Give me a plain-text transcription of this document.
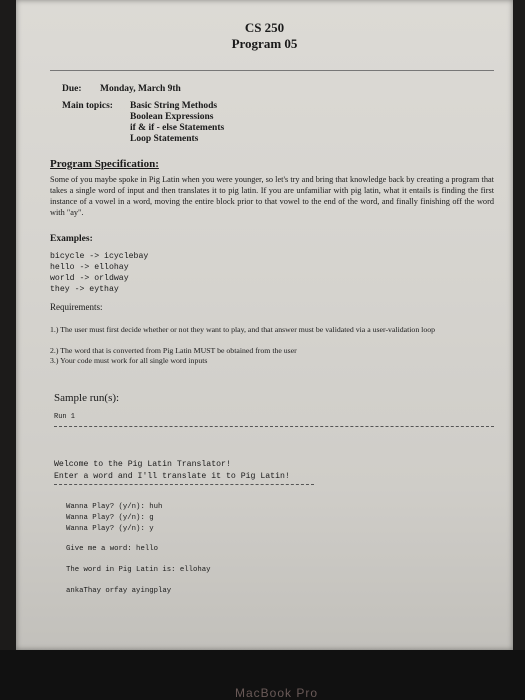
CS 250
Program 05
Due: Monday, March 9th
Main topics: Basic String Methods
Boolean Expressions
if & if - else Statements
Loop Statements
Program Specification:
Some of you maybe spoke in Pig Latin when you were younger, so let's try and bring that knowledge back by creating a program that takes a single word of input and then translates it to pig latin. If you are unfamiliar with pig latin, what it entails is finding the first instance of a vowel in a word, moving the entire block prior to that vowel to the end of the word, and finally finishing off the word with "ay".
Examples:
bicycle -> icyclebay
hello -> ellohay
world -> orldway
they -> eythay
Requirements:
1.) The user must first decide whether or not they want to play, and that answer must be validated via a user-validation loop
2.) The word that is converted from Pig Latin MUST be obtained from the user
3.) Your code must work for all single word inputs
Sample run(s):
Run 1
Welcome to the Pig Latin Translator!
Enter a word and I'll translate it to Pig Latin!
Wanna Play? (y/n): huh
Wanna Play? (y/n): g
Wanna Play? (y/n): y
Give me a word: hello
The word in Pig Latin is: ellohay
ankaThay orfay ayingplay
MacBook Pro
